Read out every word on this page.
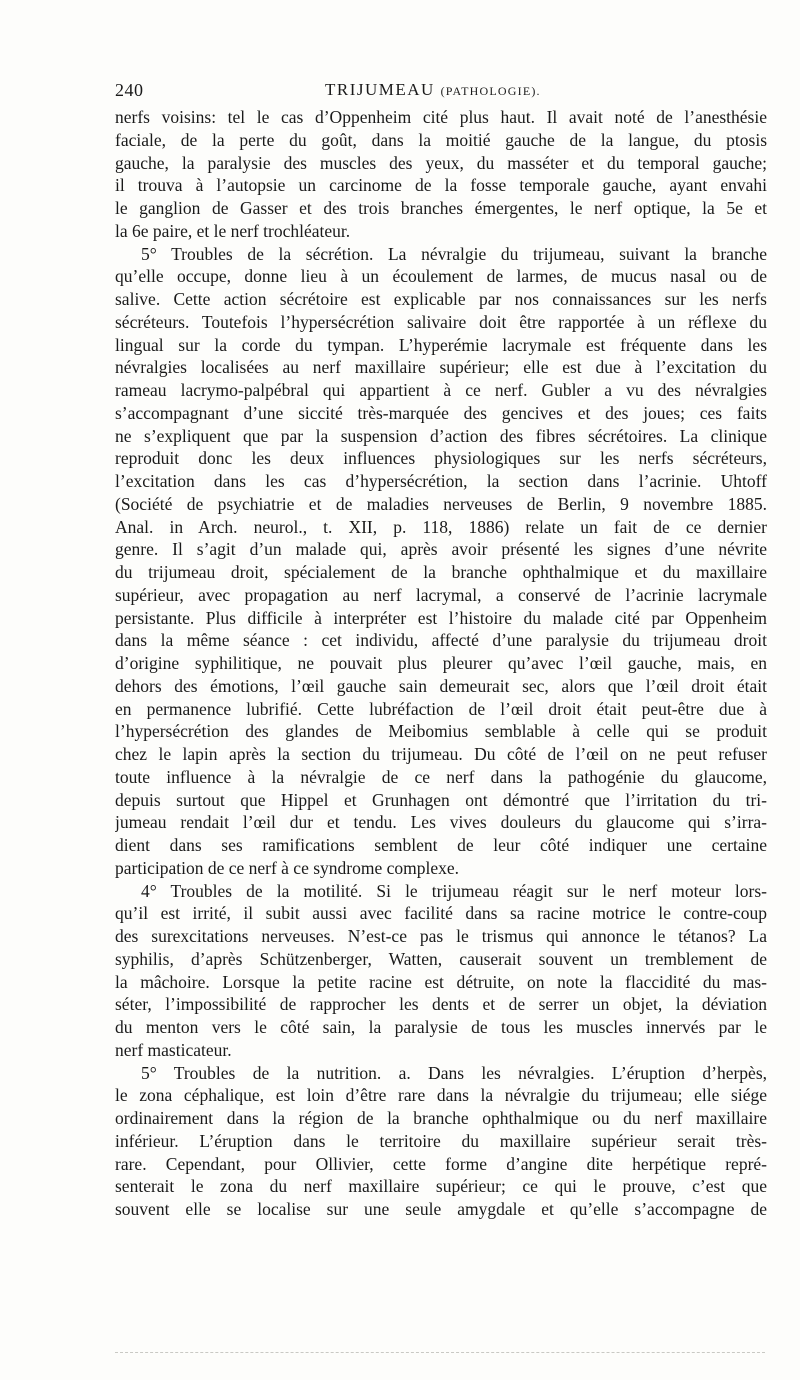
240	TRIJUMEAU (PATHOLOGIE).
nerfs voisins: tel le cas d’Oppenheim cité plus haut. Il avait noté de l’anesthésie
faciale, de la perte du goût, dans la moitié gauche de la langue, du ptosis
gauche, la paralysie des muscles des yeux, du masséter et du temporal gauche;
il trouva à l’autopsie un carcinome de la fosse temporale gauche, ayant envahi
le ganglion de Gasser et des trois branches émergentes, le nerf optique, la 5e et
la 6e paire, et le nerf trochléateur.
5° Troubles de la sécrétion. La névralgie du trijumeau, suivant la branche
qu’elle occupe, donne lieu à un écoulement de larmes, de mucus nasal ou de
salive. Cette action sécrétoire est explicable par nos connaissances sur les nerfs
sécréteurs. Toutefois l’hypersécrétion salivaire doit être rapportée à un réflexe du
lingual sur la corde du tympan. L’hyperémie lacrymale est fréquente dans les
névralgies localisées au nerf maxillaire supérieur; elle est due à l’excitation du
rameau lacrymo-palpébral qui appartient à ce nerf. Gubler a vu des névralgies
s’accompagnant d’une siccité très-marquée des gencives et des joues; ces faits
ne s’expliquent que par la suspension d’action des fibres sécrétoires. La clinique
reproduit donc les deux influences physiologiques sur les nerfs sécréteurs,
l’excitation dans les cas d’hypersécrétion, la section dans l’acrinie. Uhtoff
(Société de psychiatrie et de maladies nerveuses de Berlin, 9 novembre 1885.
Anal. in Arch. neurol., t. XII, p. 118, 1886) relate un fait de ce dernier
genre. Il s’agit d’un malade qui, après avoir présenté les signes d’une névrite
du trijumeau droit, spécialement de la branche ophthalmique et du maxillaire
supérieur, avec propagation au nerf lacrymal, a conservé de l’acrinie lacrymale
persistante. Plus difficile à interpréter est l’histoire du malade cité par Oppenheim
dans la même séance : cet individu, affecté d’une paralysie du trijumeau droit
d’origine syphilitique, ne pouvait plus pleurer qu’avec l’œil gauche, mais, en
dehors des émotions, l’œil gauche sain demeurait sec, alors que l’œil droit était
en permanence lubrifié. Cette lubréfaction de l’œil droit était peut-être due à
l’hypersécrétion des glandes de Meibomius semblable à celle qui se produit
chez le lapin après la section du trijumeau. Du côté de l’œil on ne peut refuser
toute influence à la névralgie de ce nerf dans la pathogénie du glaucome,
depuis surtout que Hippel et Grunhagen ont démontré que l’irritation du tri-
jumeau rendait l’œil dur et tendu. Les vives douleurs du glaucome qui s’irra-
dient dans ses ramifications semblent de leur côté indiquer une certaine
participation de ce nerf à ce syndrome complexe.
4° Troubles de la motilité. Si le trijumeau réagit sur le nerf moteur lors-
qu’il est irrité, il subit aussi avec facilité dans sa racine motrice le contre-coup
des surexcitations nerveuses. N’est-ce pas le trismus qui annonce le tétanos? La
syphilis, d’après Schützenberger, Watten, causerait souvent un tremblement de
la mâchoire. Lorsque la petite racine est détruite, on note la flaccidité du mas-
séter, l’impossibilité de rapprocher les dents et de serrer un objet, la déviation
du menton vers le côté sain, la paralysie de tous les muscles innervés par le
nerf masticateur.
5° Troubles de la nutrition. a. Dans les névralgies. L’éruption d’herpès,
le zona céphalique, est loin d’être rare dans la névralgie du trijumeau; elle siége
ordinairement dans la région de la branche ophthalmique ou du nerf maxillaire
inférieur. L’éruption dans le territoire du maxillaire supérieur serait très-
rare. Cependant, pour Ollivier, cette forme d’angine dite herpétique repré-
senterait le zona du nerf maxillaire supérieur; ce qui le prouve, c’est que
souvent elle se localise sur une seule amygdale et qu’elle s’accompagne de
